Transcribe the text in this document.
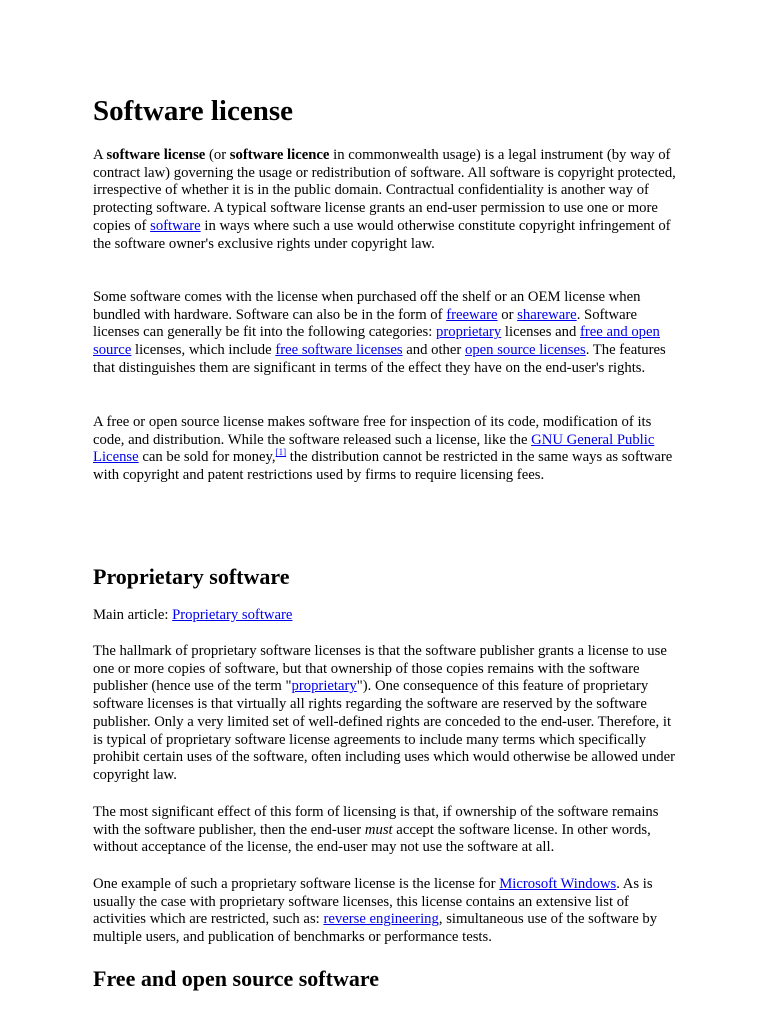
Software license

A software license (or software licence in commonwealth usage) is a legal instrument (by way of contract law) governing the usage or redistribution of software. All software is copyright protected, irrespective of whether it is in the public domain. Contractual confidentiality is another way of protecting software. A typical software license grants an end-user permission to use one or more copies of software in ways where such a use would otherwise constitute copyright infringement of the software owner's exclusive rights under copyright law.

Some software comes with the license when purchased off the shelf or an OEM license when bundled with hardware. Software can also be in the form of freeware or shareware. Software licenses can generally be fit into the following categories: proprietary licenses and free and open source licenses, which include free software licenses and other open source licenses. The features that distinguishes them are significant in terms of the effect they have on the end-user's rights.

A free or open source license makes software free for inspection of its code, modification of its code, and distribution. While the software released such a license, like the GNU General Public License can be sold for money,[1] the distribution cannot be restricted in the same ways as software with copyright and patent restrictions used by firms to require licensing fees.

Proprietary software

Main article: Proprietary software

The hallmark of proprietary software licenses is that the software publisher grants a license to use one or more copies of software, but that ownership of those copies remains with the software publisher (hence use of the term "proprietary"). One consequence of this feature of proprietary software licenses is that virtually all rights regarding the software are reserved by the software publisher. Only a very limited set of well-defined rights are conceded to the end-user. Therefore, it is typical of proprietary software license agreements to include many terms which specifically prohibit certain uses of the software, often including uses which would otherwise be allowed under copyright law.

The most significant effect of this form of licensing is that, if ownership of the software remains with the software publisher, then the end-user must accept the software license. In other words, without acceptance of the license, the end-user may not use the software at all.

One example of such a proprietary software license is the license for Microsoft Windows. As is usually the case with proprietary software licenses, this license contains an extensive list of activities which are restricted, such as: reverse engineering, simultaneous use of the software by multiple users, and publication of benchmarks or performance tests.

Free and open source software
